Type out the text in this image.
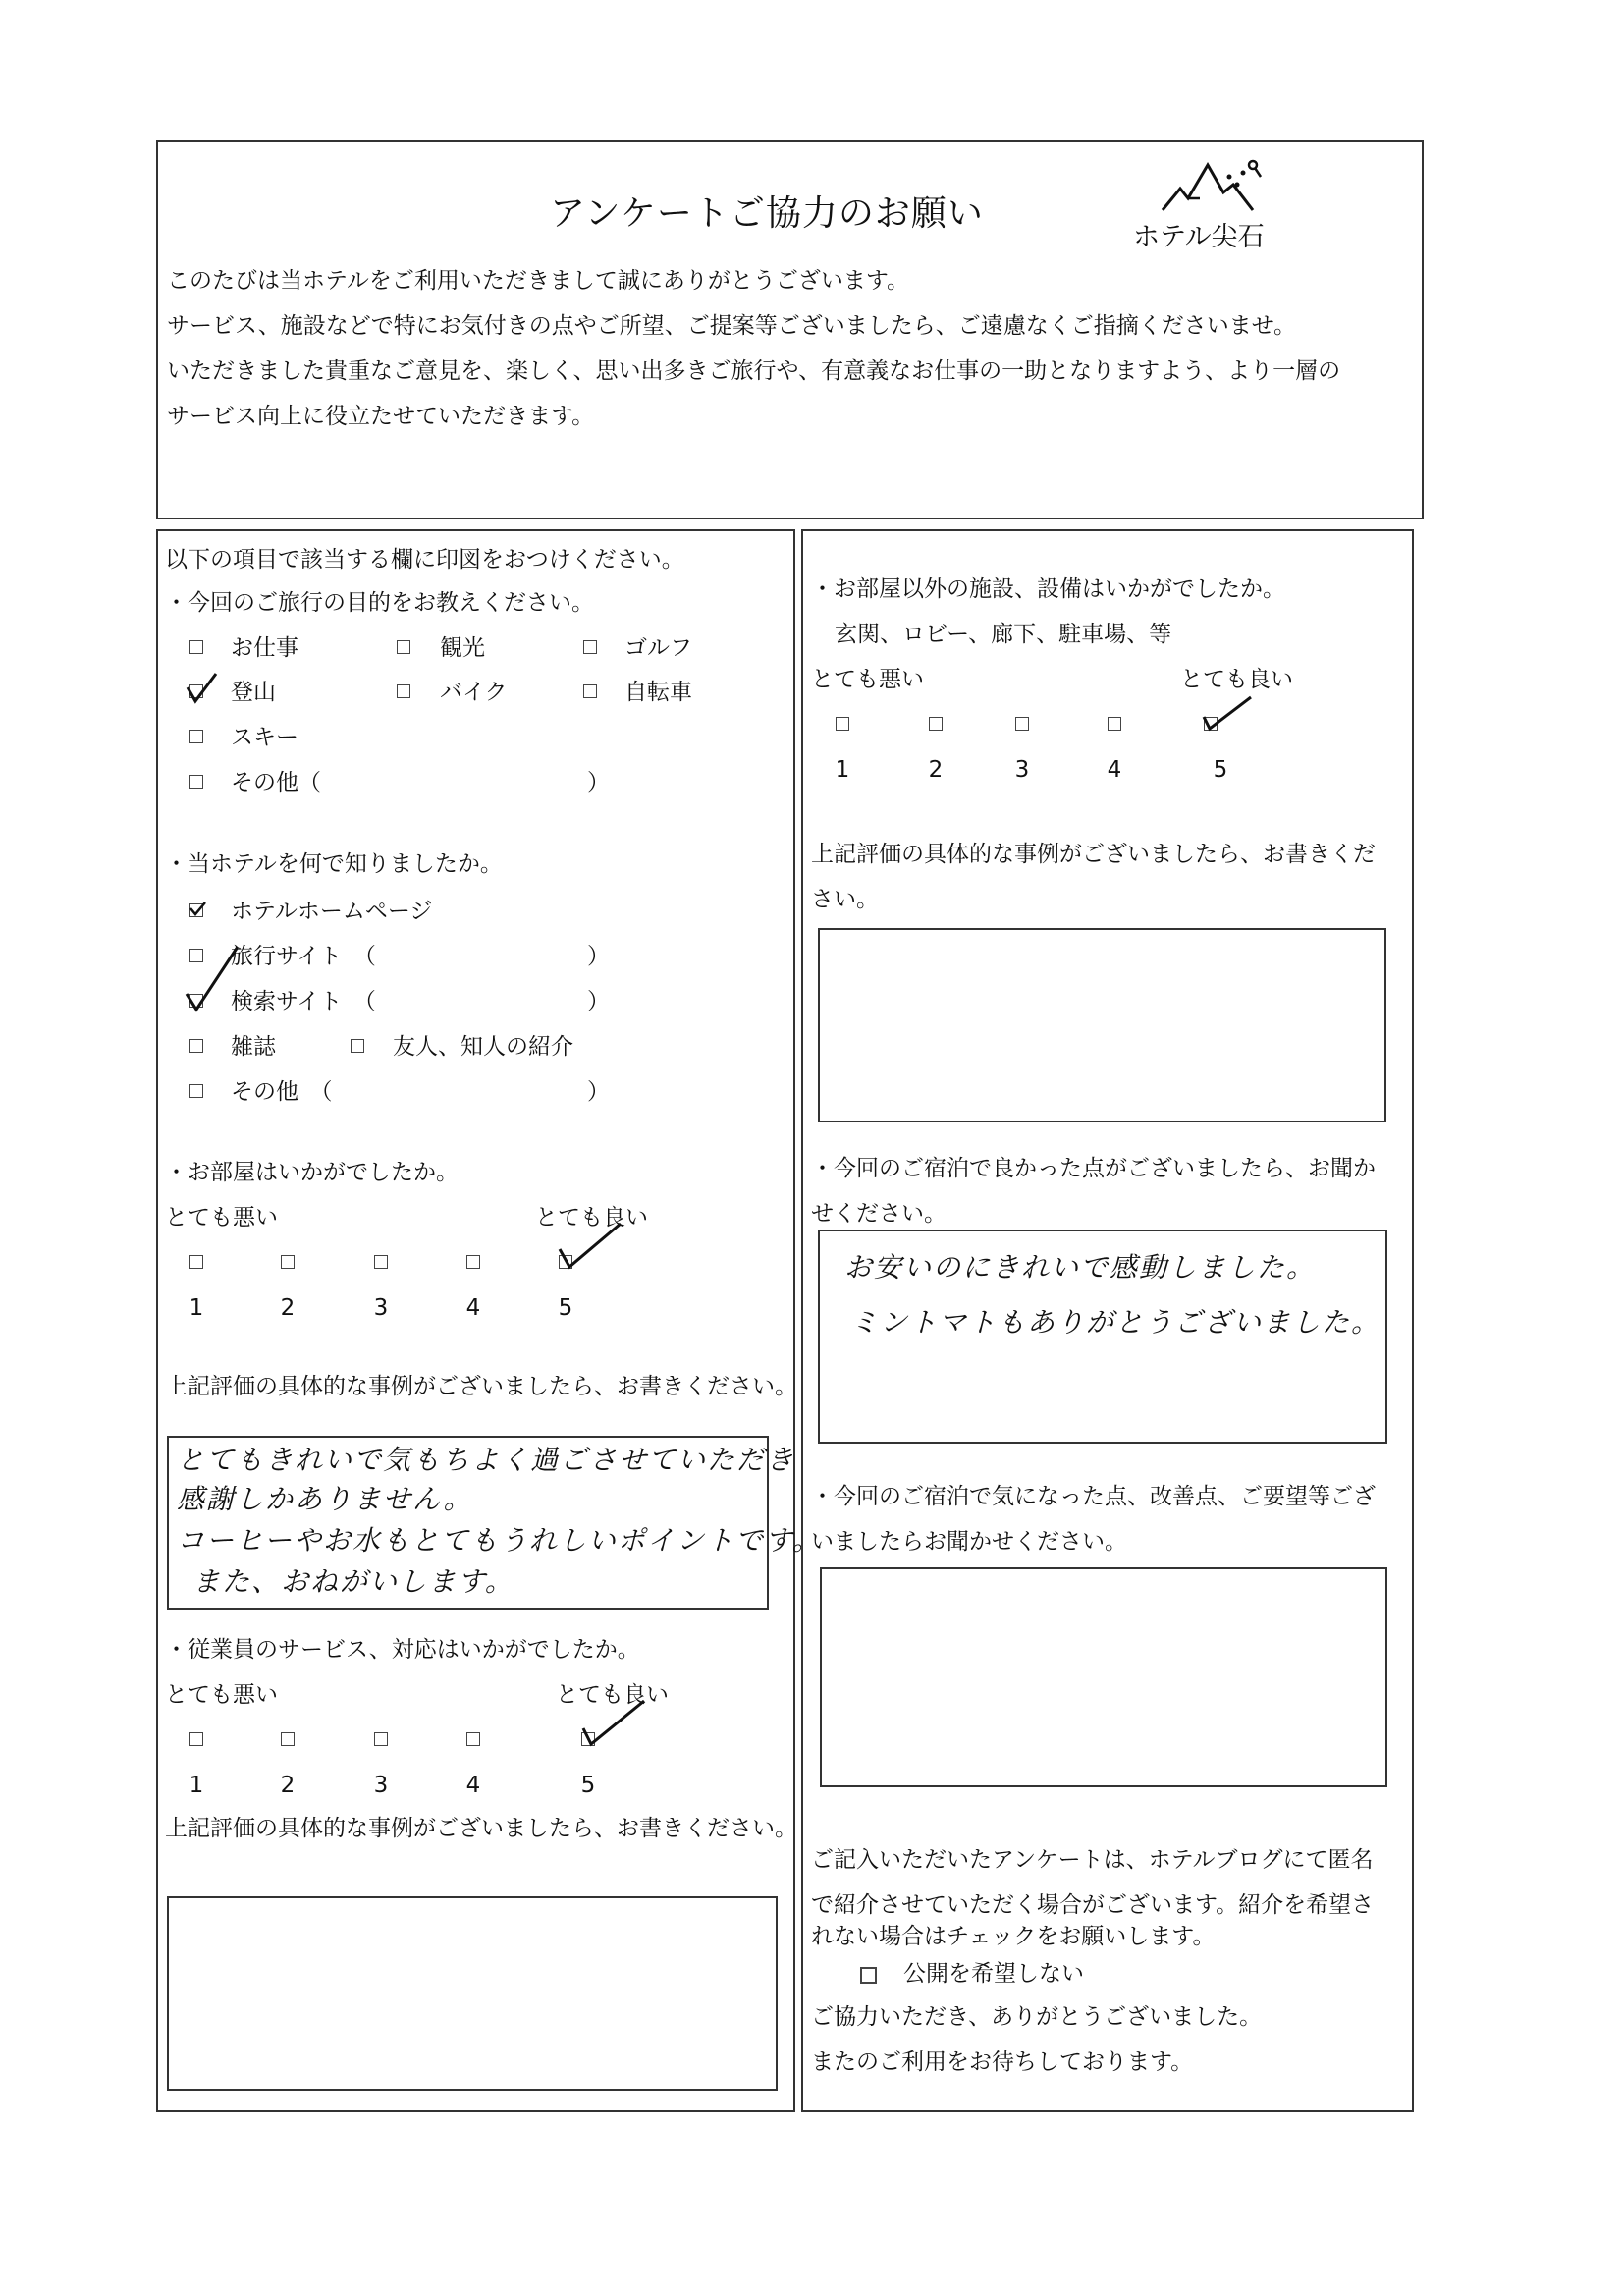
アンケートご協力のお願い
ホテル尖石
このたびは当ホテルをご利用いただきまして誠にありがとうございます。
サービス、施設などで特にお気付きの点やご所望、ご提案等ございましたら、ご遠慮なくご指摘くださいませ。
いただきました貴重なご意見を、楽しく、思い出多きご旅行や、有意義なお仕事の一助となりますよう、より一層の
サービス向上に役立たせていただきます。
以下の項目で該当する欄に印図をおつけください。
・今回のご旅行の目的をお教えください。
お仕事	観光	ゴルフ
登山	バイク	自転車
スキー
その他（	）
・当ホテルを何で知りましたか。
ホテルホームページ
旅行サイト　（	）
検索サイト　（	）
雑誌	友人、知人の紹介
その他　（	）
・お部屋はいかがでしたか。
とても悪い	とても良い
1	2	3	4	5
上記評価の具体的な事例がございましたら、お書きください。
とてもきれいで気もちよく過ごさせていただき
感謝しかありません。
コーヒーやお水もとてもうれしいポイントです。
また、おねがいします。
・従業員のサービス、対応はいかがでしたか。
とても悪い	とても良い
1	2	3	4	5
上記評価の具体的な事例がございましたら、お書きください。
・お部屋以外の施設、設備はいかがでしたか。
玄関、ロビー、廊下、駐車場、等
とても悪い	とても良い
1	2	3	4	5
上記評価の具体的な事例がございましたら、お書きくだ
さい。
・今回のご宿泊で良かった点がございましたら、お聞か
せください。
お安いのにきれいで感動しました。
ミントマトもありがとうございました。
・今回のご宿泊で気になった点、改善点、ご要望等ござ
いましたらお聞かせください。
ご記入いただいたアンケートは、ホテルブログにて匿名
で紹介させていただく場合がございます。紹介を希望さ
れない場合はチェックをお願いします。
公開を希望しない
ご協力いただき、ありがとうございました。
またのご利用をお待ちしております。
